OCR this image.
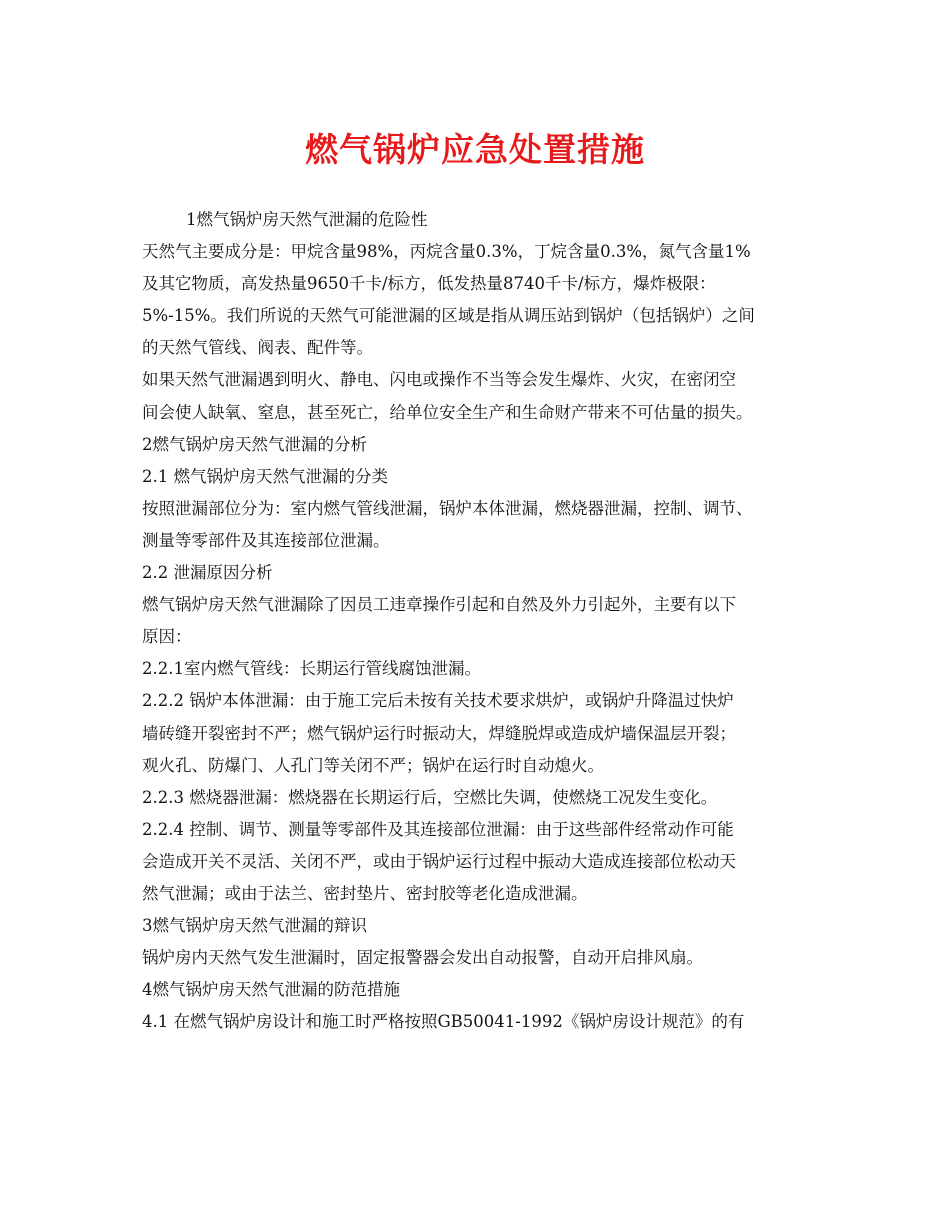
燃气锅炉应急处置措施
1燃气锅炉房天然气泄漏的危险性
天然气主要成分是：甲烷含量98%，丙烷含量0.3%，丁烷含量0.3%，氮气含量1%
及其它物质，高发热量9650千卡/标方，低发热量8740千卡/标方，爆炸极限：
5%-15%。我们所说的天然气可能泄漏的区域是指从调压站到锅炉（包括锅炉）之间
的天然气管线、阀表、配件等。
如果天然气泄漏遇到明火、静电、闪电或操作不当等会发生爆炸、火灾，在密闭空
间会使人缺氧、窒息，甚至死亡，给单位安全生产和生命财产带来不可估量的损失。
2燃气锅炉房天然气泄漏的分析
2.1 燃气锅炉房天然气泄漏的分类
按照泄漏部位分为：室内燃气管线泄漏，锅炉本体泄漏，燃烧器泄漏，控制、调节、
测量等零部件及其连接部位泄漏。
2.2 泄漏原因分析
燃气锅炉房天然气泄漏除了因员工违章操作引起和自然及外力引起外，主要有以下
原因：
2.2.1室内燃气管线：长期运行管线腐蚀泄漏。
2.2.2 锅炉本体泄漏：由于施工完后未按有关技术要求烘炉，或锅炉升降温过快炉
墙砖缝开裂密封不严；燃气锅炉运行时振动大，焊缝脱焊或造成炉墙保温层开裂；
观火孔、防爆门、人孔门等关闭不严；锅炉在运行时自动熄火。
2.2.3 燃烧器泄漏：燃烧器在长期运行后，空燃比失调，使燃烧工况发生变化。
2.2.4 控制、调节、测量等零部件及其连接部位泄漏：由于这些部件经常动作可能
会造成开关不灵活、关闭不严，或由于锅炉运行过程中振动大造成连接部位松动天
然气泄漏；或由于法兰、密封垫片、密封胶等老化造成泄漏。
3燃气锅炉房天然气泄漏的辩识
锅炉房内天然气发生泄漏时，固定报警器会发出自动报警，自动开启排风扇。
4燃气锅炉房天然气泄漏的防范措施
4.1 在燃气锅炉房设计和施工时严格按照GB50041-1992《锅炉房设计规范》的有
